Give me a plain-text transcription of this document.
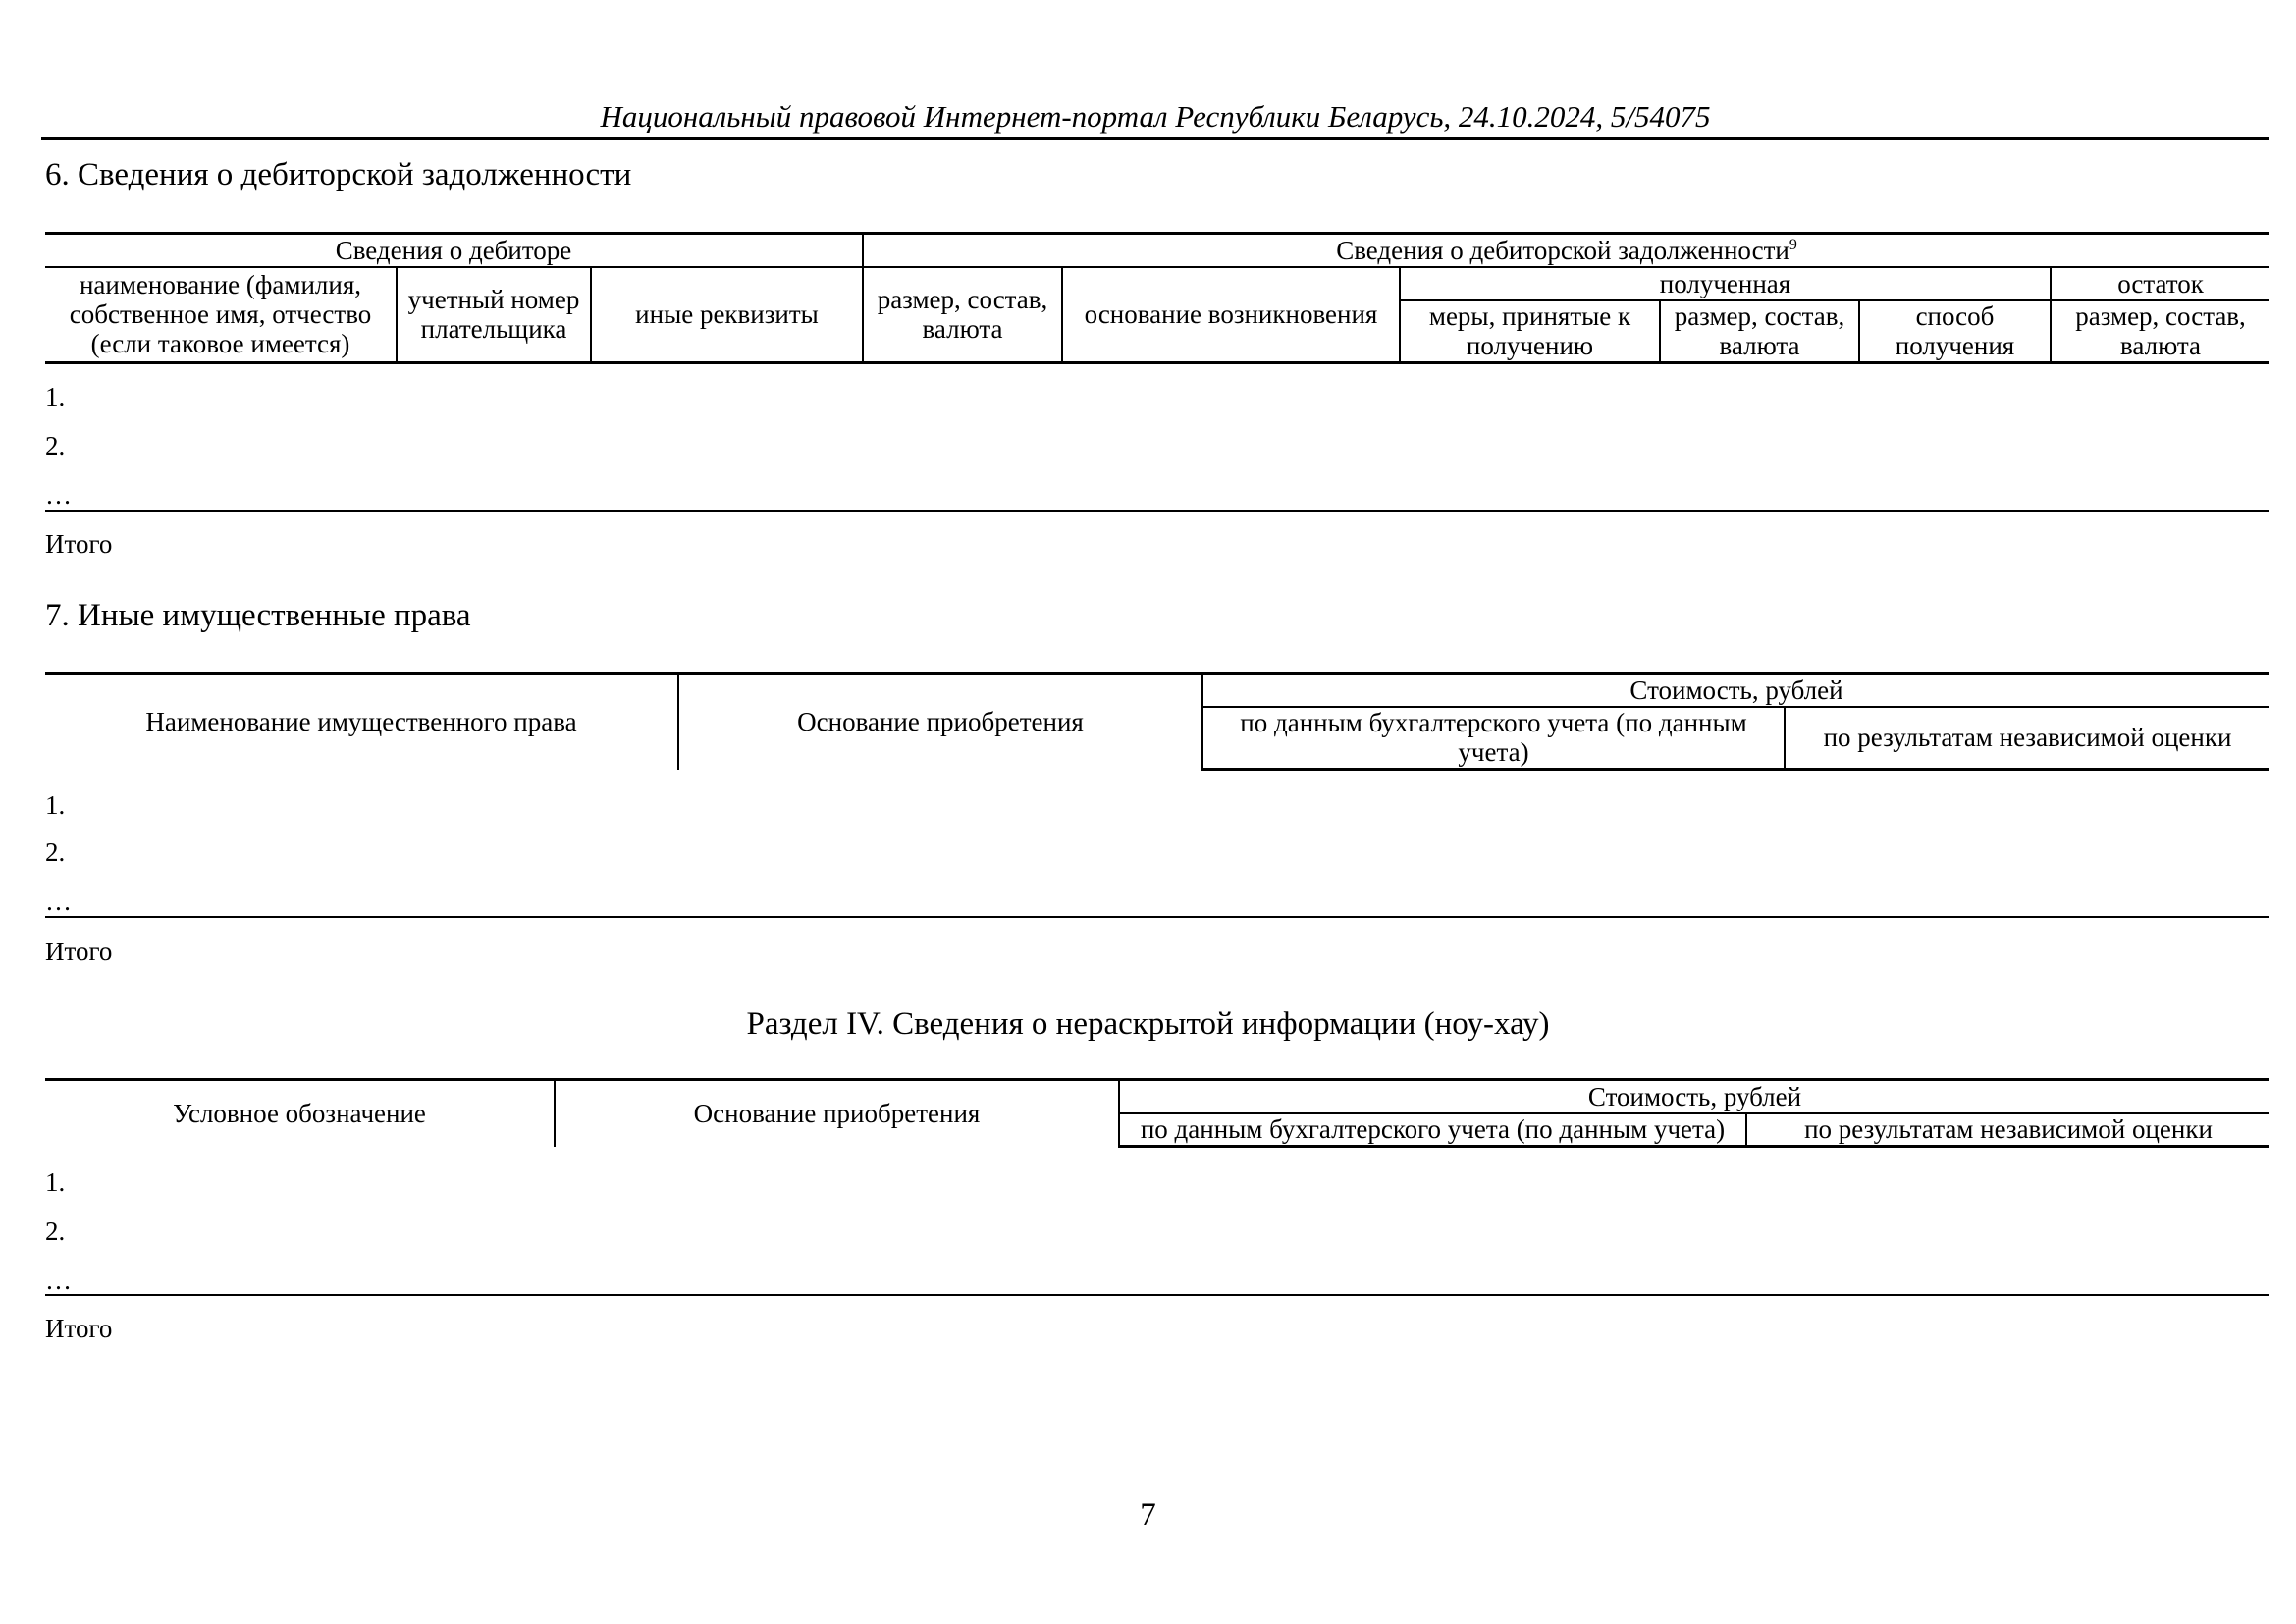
Национальный правовой Интернет-портал Республики Беларусь, 24.10.2024, 5/54075
6. Сведения о дебиторской задолженности
Сведения о дебиторе			Сведения о дебиторской задолженности$^9$
наименование (фамилия, собственное имя, отчество (если таковое имеется)	учетный номер плательщика	иные реквизиты	размер, состав, валюта	основание возникновения	полученная			остаток
					меры, принятые к получению	размер, состав, валюта	способ получения	размер, состав, валюта
1.
2.
…
Итого
7. Иные имущественные права
Наименование имущественного права	Основание приобретения	Стоимость, рублей	
		по данным бухгалтерского учета (по данным учета)	по результатам независимой оценки
1.
2.
…
Итого
Раздел IV. Сведения о нераскрытой информации (ноу-хау)
Условное обозначение	Основание приобретения	Стоимость, рублей	
		по данным бухгалтерского учета (по данным учета)	по результатам независимой оценки
1.
2.
…
Итого
7
